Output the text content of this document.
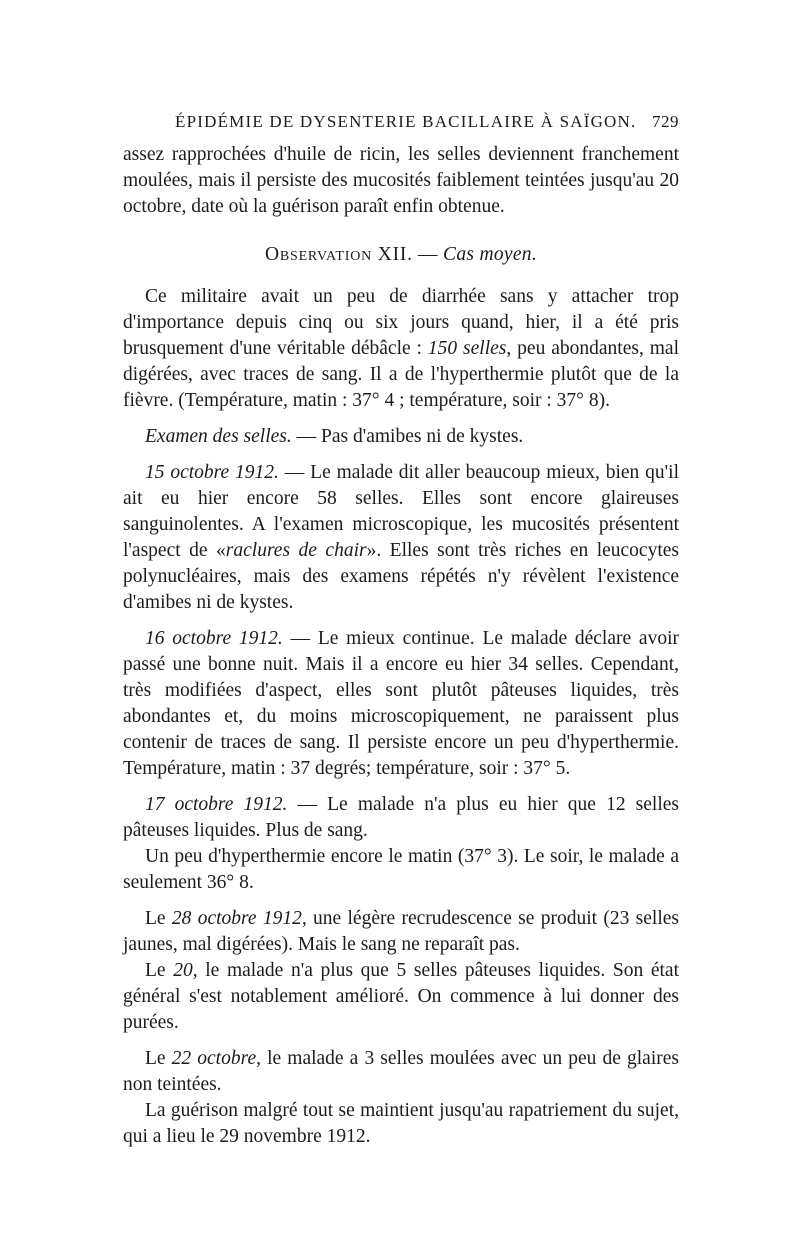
ÉPIDÉMIE DE DYSENTERIE BACILLAIRE À SAÏGON. 729

assez rapprochées d'huile de ricin, les selles deviennent franchement moulées, mais il persiste des mucosités faiblement teintées jusqu'au 20 octobre, date où la guérison paraît enfin obtenue.

Observation XII. — Cas moyen.

Ce militaire avait un peu de diarrhée sans y attacher trop d'importance depuis cinq ou six jours quand, hier, il a été pris brusquement d'une véritable débâcle : 150 selles, peu abondantes, mal digérées, avec traces de sang. Il a de l'hyperthermie plutôt que de la fièvre. (Température, matin : 37° 4 ; température, soir : 37° 8).

Examen des selles. — Pas d'amibes ni de kystes.

15 octobre 1912. — Le malade dit aller beaucoup mieux, bien qu'il ait eu hier encore 58 selles. Elles sont encore glaireuses sanguinolentes. A l'examen microscopique, les mucosités présentent l'aspect de «raclures de chair». Elles sont très riches en leucocytes polynucléaires, mais des examens répétés n'y révèlent l'existence d'amibes ni de kystes.

16 octobre 1912. — Le mieux continue. Le malade déclare avoir passé une bonne nuit. Mais il a encore eu hier 34 selles. Cependant, très modifiées d'aspect, elles sont plutôt pâteuses liquides, très abondantes et, du moins microscopiquement, ne paraissent plus contenir de traces de sang. Il persiste encore un peu d'hyperthermie. Température, matin : 37 degrés; température, soir : 37° 5.

17 octobre 1912. — Le malade n'a plus eu hier que 12 selles pâteuses liquides. Plus de sang.

Un peu d'hyperthermie encore le matin (37° 3). Le soir, le malade a seulement 36° 8.

Le 28 octobre 1912, une légère recrudescence se produit (23 selles jaunes, mal digérées). Mais le sang ne reparaît pas.

Le 20, le malade n'a plus que 5 selles pâteuses liquides. Son état général s'est notablement amélioré. On commence à lui donner des purées.

Le 22 octobre, le malade a 3 selles moulées avec un peu de glaires non teintées.

La guérison malgré tout se maintient jusqu'au rapatriement du sujet, qui a lieu le 29 novembre 1912.
